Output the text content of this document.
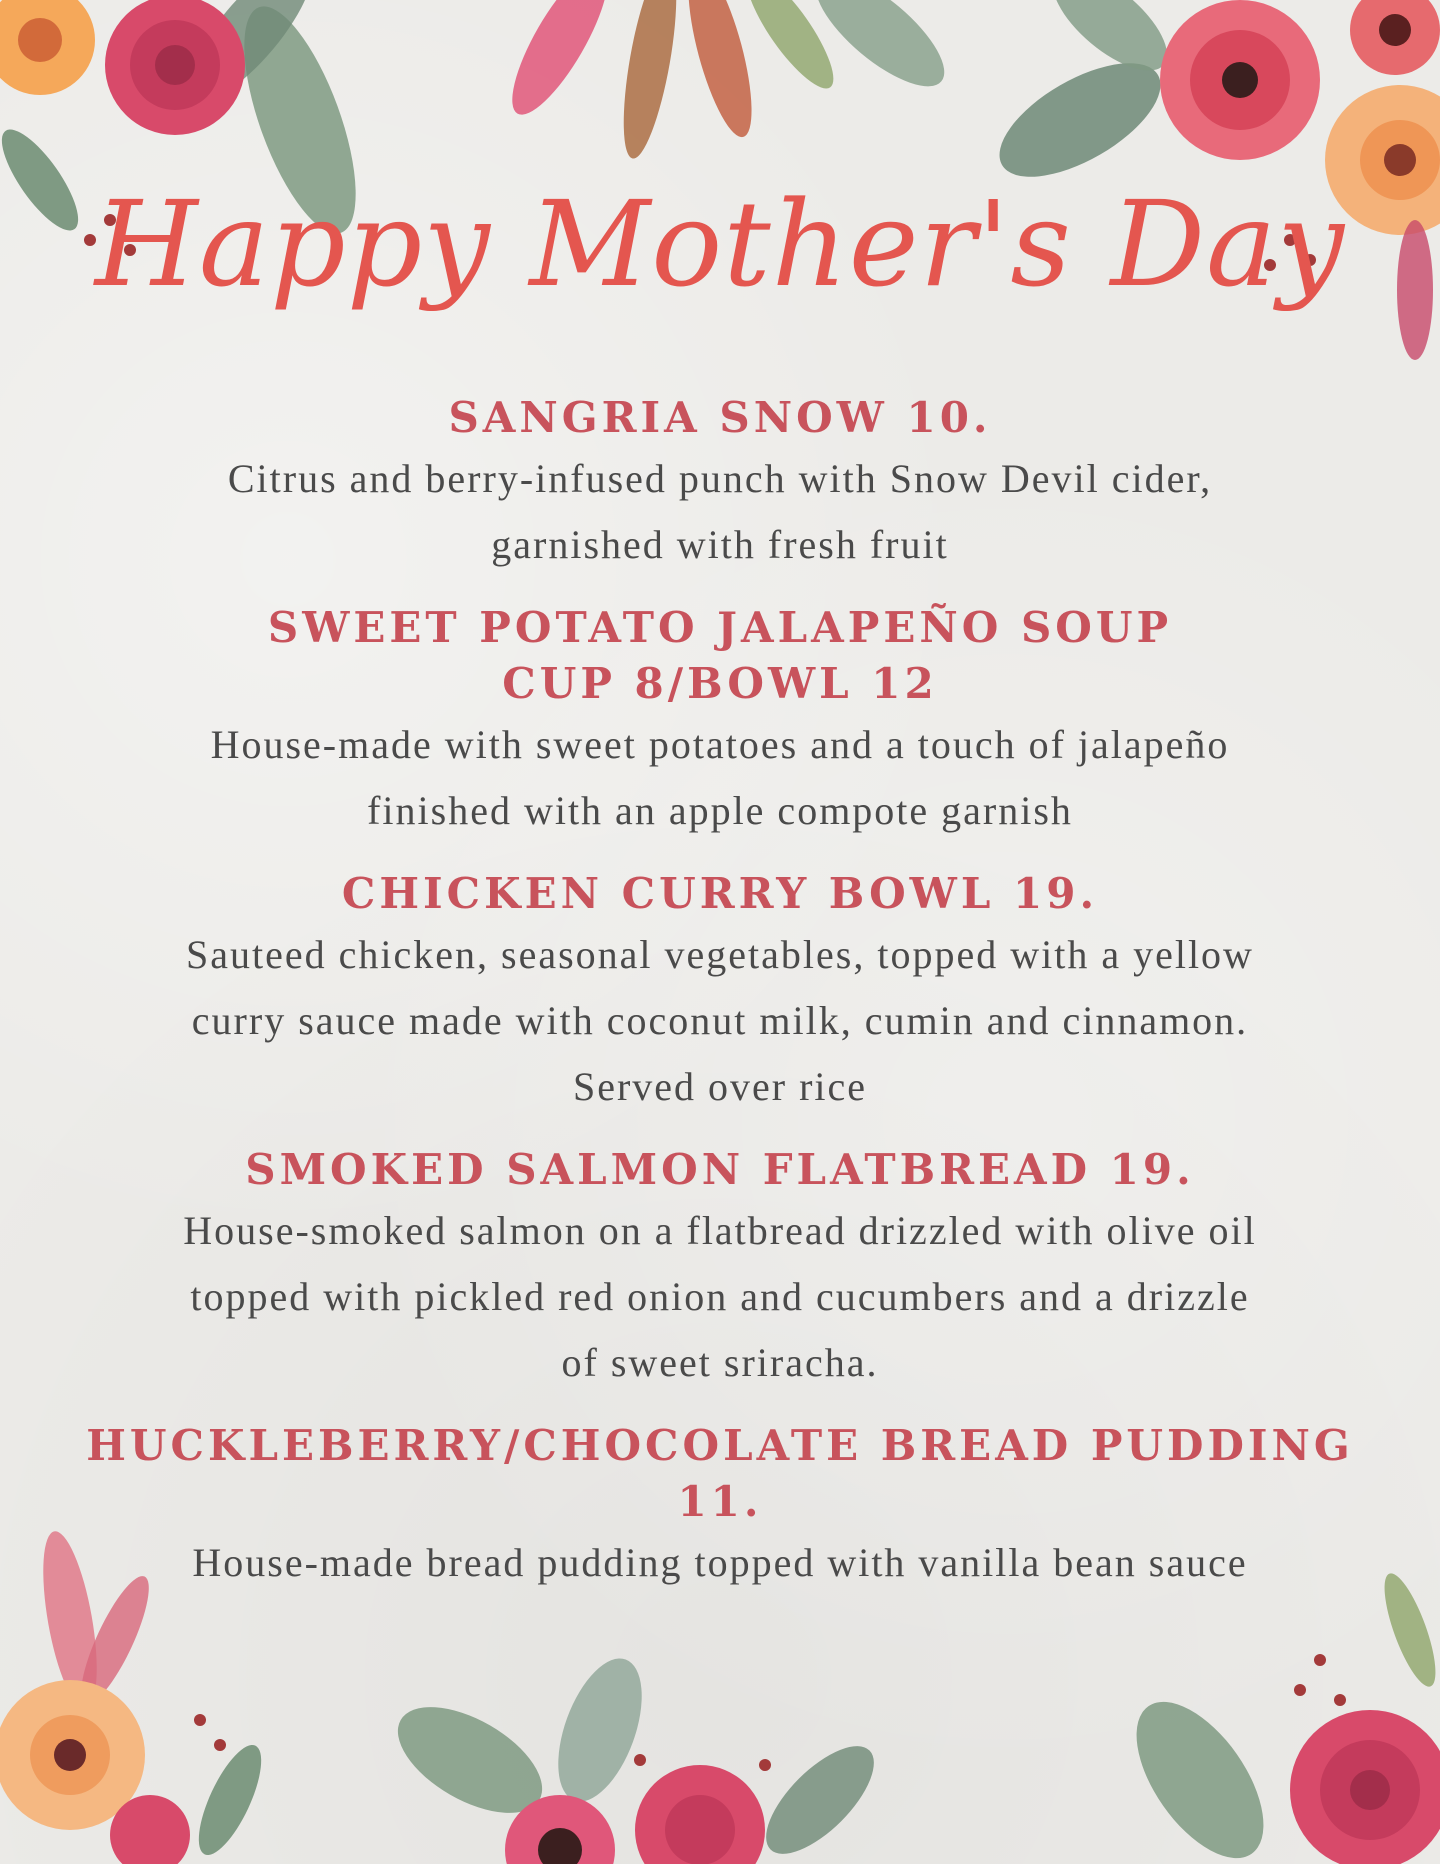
Happy Mother's Day

SANGRIA SNOW 10.

Citrus and berry-infused punch with Snow Devil cider,

garnished with fresh fruit

SWEET POTATO JALAPEÑO SOUP

CUP 8/BOWL 12

House-made with sweet potatoes and a touch of jalapeño

finished with an apple compote garnish

CHICKEN CURRY BOWL 19.

Sauteed chicken, seasonal vegetables, topped with a yellow

curry sauce made with coconut milk, cumin and cinnamon.

Served over rice

SMOKED SALMON FLATBREAD 19.

House-smoked salmon on a flatbread drizzled with olive oil

topped with pickled red onion and cucumbers and a drizzle

of sweet sriracha.

HUCKLEBERRY/CHOCOLATE BREAD PUDDING

11.

House-made bread pudding topped with vanilla bean sauce
